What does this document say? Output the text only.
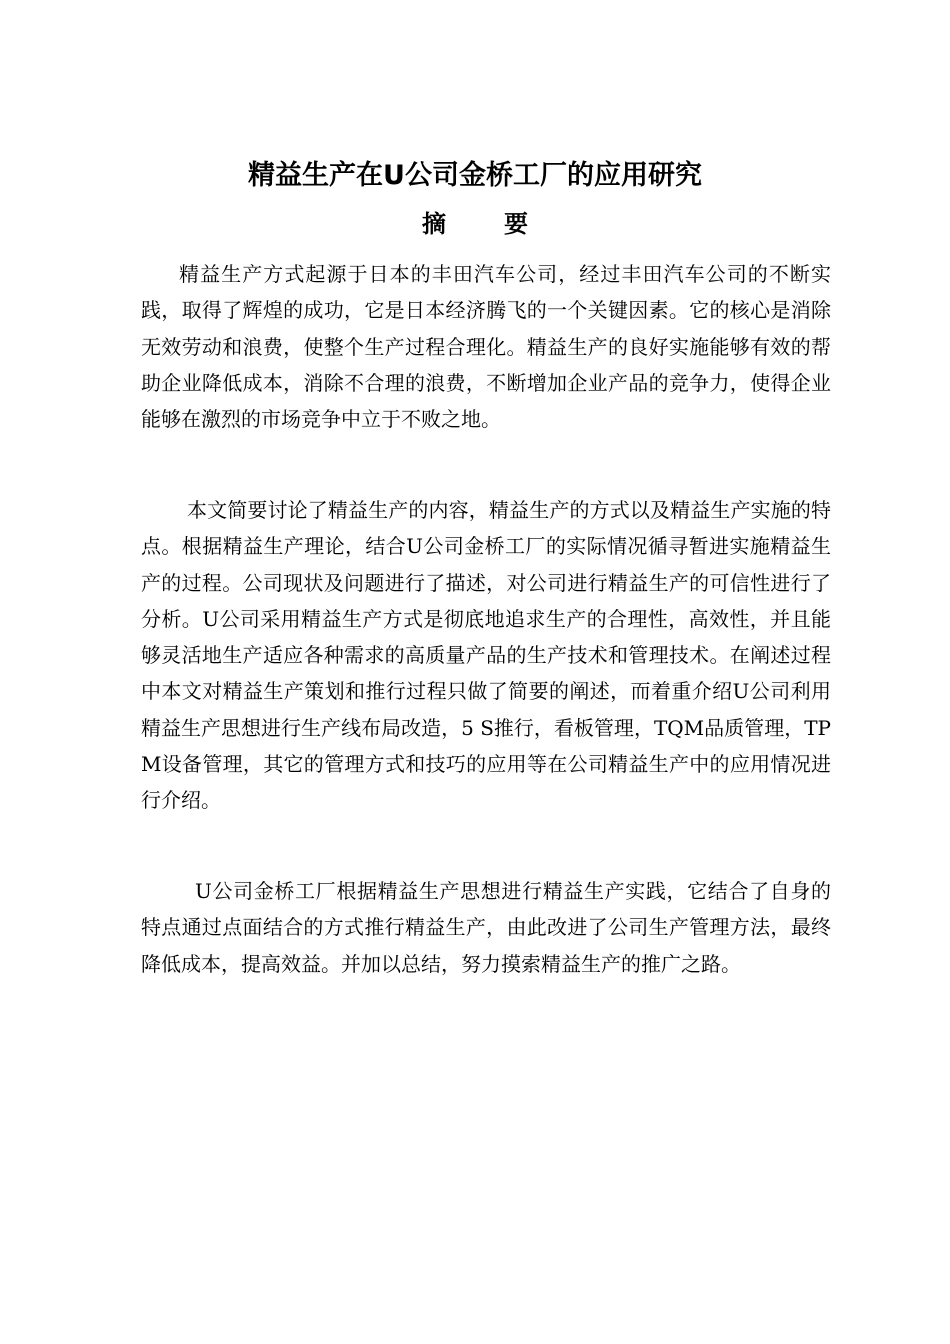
精益生产在U公司金桥工厂的应用研究
摘 要

精益生产方式起源于日本的丰田汽车公司，经过丰田汽车公司的不断实践，取得了辉煌的成功，它是日本经济腾飞的一个关键因素。它的核心是消除无效劳动和浪费，使整个生产过程合理化。精益生产的良好实施能够有效的帮助企业降低成本，消除不合理的浪费，不断增加企业产品的竞争力，使得企业能够在激烈的市场竞争中立于不败之地。

本文简要讨论了精益生产的内容，精益生产的方式以及精益生产实施的特点。根据精益生产理论，结合U公司金桥工厂的实际情况循寻暂进实施精益生产的过程。公司现状及问题进行了描述，对公司进行精益生产的可信性进行了分析。U公司采用精益生产方式是彻底地追求生产的合理性，高效性，并且能够灵活地生产适应各种需求的高质量产品的生产技术和管理技术。在阐述过程中本文对精益生产策划和推行过程只做了简要的阐述，而着重介绍U公司利用精益生产思想进行生产线布局改造，5 S推行，看板管理，TQM品质管理，TPM设备管理，其它的管理方式和技巧的应用等在公司精益生产中的应用情况进行介绍。

U公司金桥工厂根据精益生产思想进行精益生产实践，它结合了自身的特点通过点面结合的方式推行精益生产，由此改进了公司生产管理方法，最终降低成本，提高效益。并加以总结，努力摸索精益生产的推广之路。
